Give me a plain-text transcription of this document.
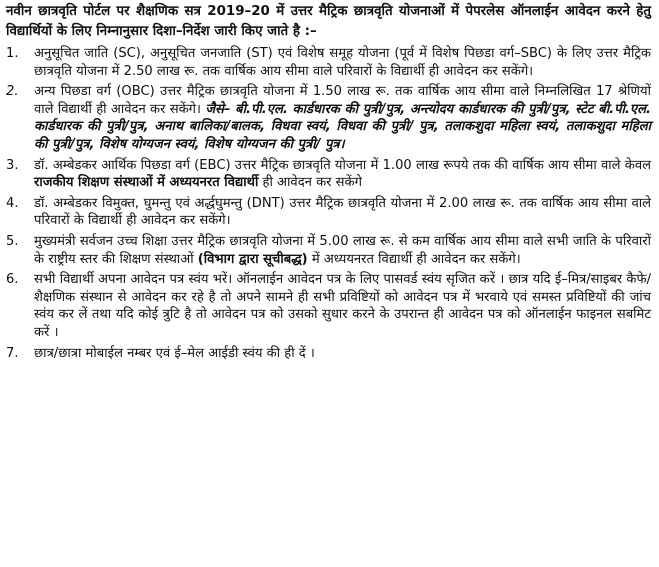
नवीन छात्रवृति पोर्टल पर शैक्षणिक सत्र 2019–20 में उत्तर मैट्रिक छात्रवृति योजनाओं में पेपरलेस ऑनलाईन आवेदन करने हेतु विद्यार्थियों के लिए निम्नानुसार दिशा–निर्देश जारी किए जाते है :–

1.	अनुसूचित जाति (SC), अनुसूचित जनजाति (ST) एवं विशेष समूह योजना (पूर्व में विशेष पिछडा वर्ग–SBC) के लिए उत्तर मैट्रिक छात्रवृति योजना में 2.50 लाख रू. तक वार्षिक आय सीमा वाले परिवारों के विद्यार्थी ही आवेदन कर सकेंगे।
2.	अन्य पिछडा वर्ग (OBC) उत्तर मैट्रिक छात्रवृति योजना में 1.50 लाख रू. तक वार्षिक आय सीमा वाले निम्नलिखित 17 श्रेणियों वाले विद्यार्थी ही आवेदन कर सकेंगे। जैसे– बी.पी.एल. कार्डधारक की पुत्री/पुत्र, अन्त्योदय कार्डधारक की पुत्री/पुत्र, स्टेट बी.पी.एल. कार्डधारक की पुत्री/पुत्र, अनाथ बालिका/बालक, विधवा स्वयं, विधवा की पुत्री/ पुत्र, तलाकशुदा महिला स्वयं, तलाकशुदा महिला की पुत्री/पुत्र, विशेष योग्यजन स्वयं, विशेष योग्यजन की पुत्री/ पुत्र।
3.	डॉ. अम्बेडकर आर्थिक पिछडा वर्ग (EBC) उत्तर मैट्रिक छात्रवृति योजना में 1.00 लाख रूपये तक की वार्षिक आय सीमा वाले केवल राजकीय शिक्षण संस्थाओं में अध्ययनरत विद्यार्थी ही आवेदन कर सकेंगे
4.	डॉ. अम्बेडकर विमुक्त, घुमन्तु एवं अर्द्धघुमन्तु (DNT) उत्तर मैट्रिक छात्रवृति योजना में 2.00 लाख रू. तक वार्षिक आय सीमा वाले परिवारों के विद्यार्थी ही आवेदन कर सकेंगे।
5.	मुख्यमंत्री सर्वजन उच्च शिक्षा उत्तर मैट्रिक छात्रवृति योजना में 5.00 लाख रू. से कम वार्षिक आय सीमा वाले सभी जाति के परिवारों के राष्ट्रीय स्तर की शिक्षण संस्थाओं (विभाग द्वारा सूचीबद्ध) में अध्ययनरत विद्यार्थी ही आवेदन कर सकेंगे।
6.	सभी विद्यार्थी अपना आवेदन पत्र स्वंय भरें। ऑनलाईन आवेदन पत्र के लिए पासवर्ड स्वंय सृजित करें । छात्र यदि ई–मित्र/साइबर कैफे/शैक्षणिक संस्थान से आवेदन कर रहे है तो अपने सामने ही सभी प्रविष्टियों को आवेदन पत्र में भरवाये एवं समस्त प्रविष्टियों की जांच स्वंय कर लें तथा यदि कोई त्रुटि है तो आवेदन पत्र को उसको सुधार करने के उपरान्त ही आवेदन पत्र को ऑनलाईन फाइनल सबमिट करें ।
7.	छात्र/छात्रा मोबाईल नम्बर एवं ई–मेल आईडी स्वंय की ही दें ।
